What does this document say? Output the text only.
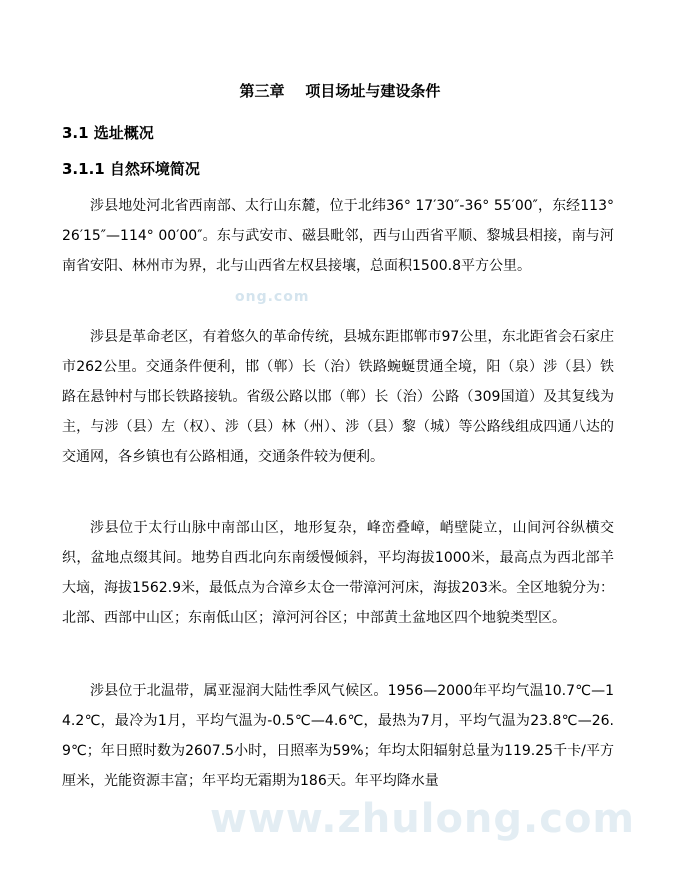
第三章    项目场址与建设条件
3.1 选址概况
3.1.1 自然环境简况

涉县地处河北省西南部、太行山东麓，位于北纬36° 17′30″-36° 55′00″，东经113° 26′15″—114° 00′00″。东与武安市、磁县毗邻，西与山西省平顺、黎城县相接，南与河南省安阳、林州市为界，北与山西省左权县接壤，总面积1500.8平方公里。

涉县是革命老区，有着悠久的革命传统，县城东距邯郸市97公里，东北距省会石家庄市262公里。交通条件便利，邯（郸）长（治）铁路蜿蜒贯通全境，阳（泉）涉（县）铁路在悬钟村与邯长铁路接轨。省级公路以邯（郸）长（治）公路（309国道）及其复线为主，与涉（县）左（权）、涉（县）林（州）、涉（县）黎（城）等公路线组成四通八达的交通网，各乡镇也有公路相通，交通条件较为便利。

涉县位于太行山脉中南部山区，地形复杂，峰峦叠嶂，峭壁陡立，山间河谷纵横交织，盆地点缀其间。地势自西北向东南缓慢倾斜，平均海拔1000米，最高点为西北部羊大垴，海拔1562.9米，最低点为合漳乡太仓一带漳河河床，海拔203米。全区地貌分为：北部、西部中山区；东南低山区；漳河河谷区；中部黄土盆地区四个地貌类型区。

涉县位于北温带，属亚湿润大陆性季风气候区。1956—2000年平均气温10.7℃—14.2℃，最冷为1月，平均气温为-0.5℃—4.6℃，最热为7月，平均气温为23.8℃—26.9℃；年日照时数为2607.5小时，日照率为59%；年均太阳辐射总量为119.25千卡/平方厘米，光能资源丰富；年平均无霜期为186天。年平均降水量

ong.com
www.zhulong.com
